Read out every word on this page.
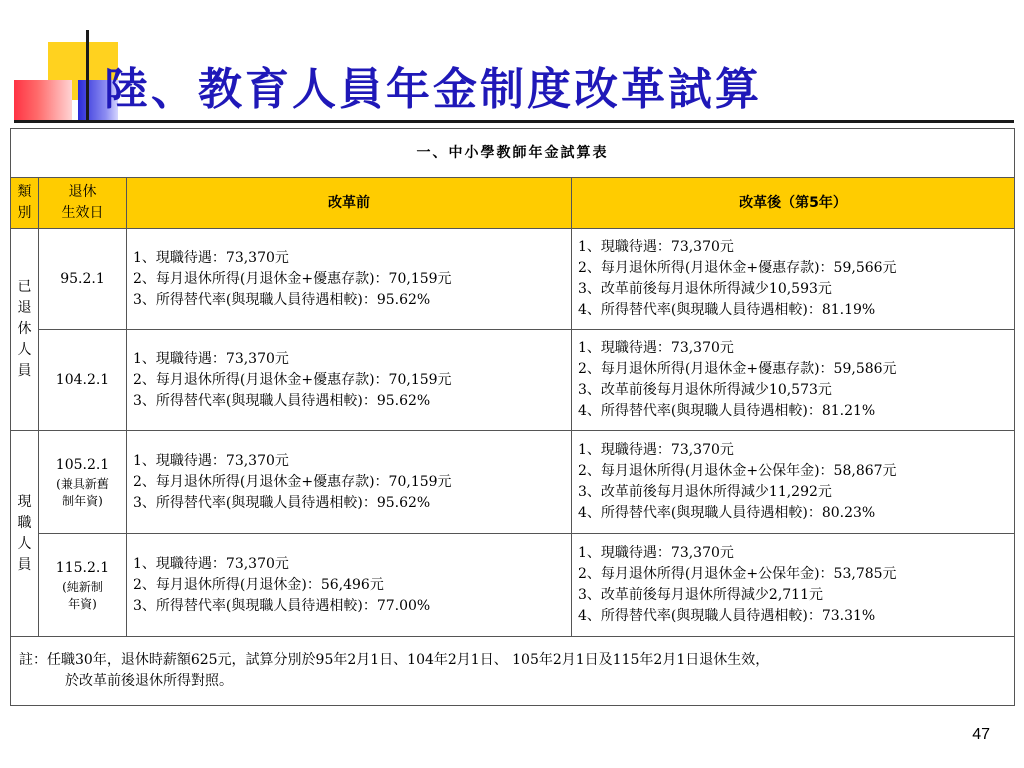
陸、教育人員年金制度改革試算
一、中小學教師年金試算表			

類
別	退休
生效日	改革前	改革後（第5年）

已
退
休
人
員	95.2.1	1、現職待遇：73,370元
2、每月退休所得(月退休金+優惠存款)：70,159元
3、所得替代率(與現職人員待遇相較)：95.62%	1、現職待遇：73,370元
2、每月退休所得(月退休金+優惠存款)：59,566元
3、改革前後每月退休所得減少10,593元
4、所得替代率(與現職人員待遇相較)：81.19%

	104.2.1	1、現職待遇：73,370元
2、每月退休所得(月退休金+優惠存款)：70,159元
3、所得替代率(與現職人員待遇相較)：95.62%	1、現職待遇：73,370元
2、每月退休所得(月退休金+優惠存款)：59,586元
3、改革前後每月退休所得減少10,573元
4、所得替代率(與現職人員待遇相較)：81.21%

現
職
人
員	105.2.1
(兼具新舊
制年資)	1、現職待遇：73,370元
2、每月退休所得(月退休金+優惠存款)：70,159元
3、所得替代率(與現職人員待遇相較)：95.62%	1、現職待遇：73,370元
2、每月退休所得(月退休金+公保年金)：58,867元
3、改革前後每月退休所得減少11,292元
4、所得替代率(與現職人員待遇相較)：80.23%

	115.2.1
(純新制
年資)	1、現職待遇：73,370元
2、每月退休所得(月退休金)：56,496元
3、所得替代率(與現職人員待遇相較)：77.00%	1、現職待遇：73,370元
2、每月退休所得(月退休金+公保年金)：53,785元
3、改革前後每月退休所得減少2,711元
4、所得替代率(與現職人員待遇相較)：73.31%

註：任職30年，退休時薪額625元，試算分別於95年2月1日、104年2月1日、 105年2月1日及115年2月1日退休生效，
於改革前後退休所得對照。			
47
